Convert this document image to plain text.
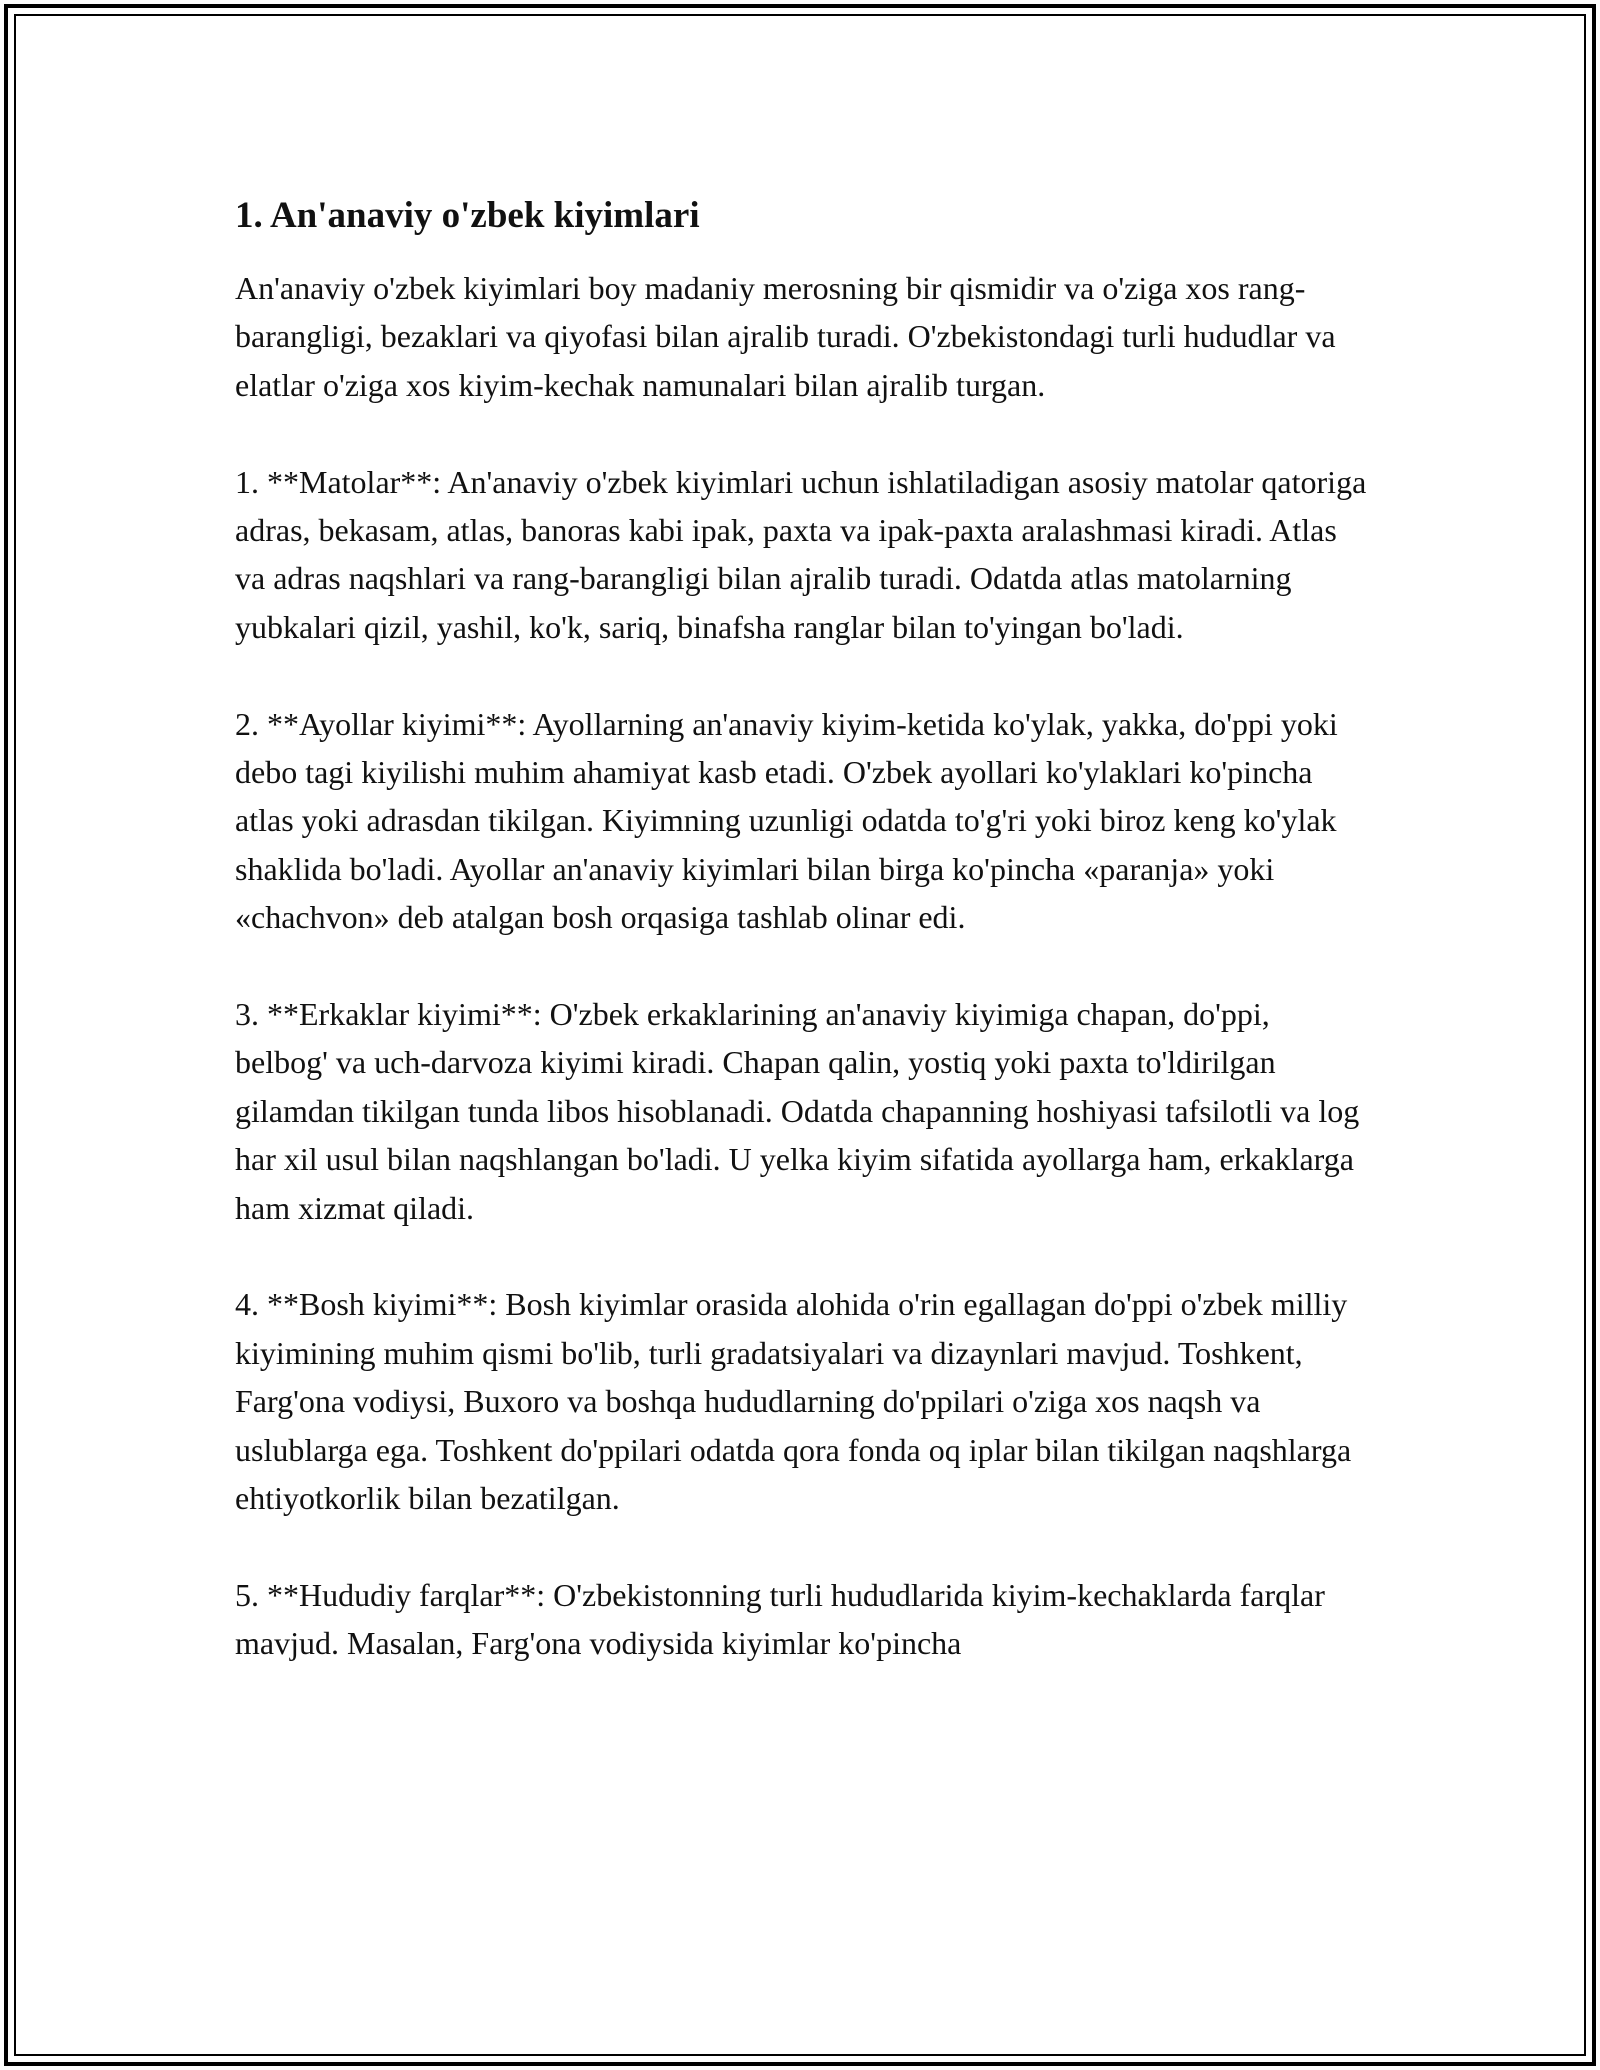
1. An'anaviy o'zbek kiyimlari

An'anaviy o'zbek kiyimlari boy madaniy merosning bir qismidir va o'ziga xos rang-barangligi, bezaklari va qiyofasi bilan ajralib turadi. O'zbekistondagi turli hududlar va elatlar o'ziga xos kiyim-kechak namunalari bilan ajralib turgan.

1. **Matolar**: An'anaviy o'zbek kiyimlari uchun ishlatiladigan asosiy matolar qatoriga adras, bekasam, atlas, banoras kabi ipak, paxta va ipak-paxta aralashmasi kiradi. Atlas va adras naqshlari va rang-barangligi bilan ajralib turadi. Odatda atlas matolarning yubkalari qizil, yashil, ko'k, sariq, binafsha ranglar bilan to'yingan bo'ladi.

2. **Ayollar kiyimi**: Ayollarning an'anaviy kiyim-ketida ko'ylak, yakka, do'ppi yoki debo tagi kiyilishi muhim ahamiyat kasb etadi. O'zbek ayollari ko'ylaklari ko'pincha atlas yoki adrasdan tikilgan. Kiyimning uzunligi odatda to'g'ri yoki biroz keng ko'ylak shaklida bo'ladi. Ayollar an'anaviy kiyimlari bilan birga ko'pincha «paranja» yoki «chachvon» deb atalgan bosh orqasiga tashlab olinar edi.

3. **Erkaklar kiyimi**: O'zbek erkaklarining an'anaviy kiyimiga chapan, do'ppi, belbog' va uch-darvoza kiyimi kiradi. Chapan qalin, yostiq yoki paxta to'ldirilgan gilamdan tikilgan tunda libos hisoblanadi. Odatda chapanning hoshiyasi tafsilotli va log har xil usul bilan naqshlangan bo'ladi. U yelka kiyim sifatida ayollarga ham, erkaklarga ham xizmat qiladi.

4. **Bosh kiyimi**: Bosh kiyimlar orasida alohida o'rin egallagan do'ppi o'zbek milliy kiyimining muhim qismi bo'lib, turli gradatsiyalari va dizaynlari mavjud. Toshkent, Farg'ona vodiysi, Buxoro va boshqa hududlarning do'ppilari o'ziga xos naqsh va uslublarga ega. Toshkent do'ppilari odatda qora fonda oq iplar bilan tikilgan naqshlarga ehtiyotkorlik bilan bezatilgan.

5. **Hududiy farqlar**: O'zbekistonning turli hududlarida kiyim-kechaklarda farqlar mavjud. Masalan, Farg'ona vodiysida kiyimlar ko'pincha
